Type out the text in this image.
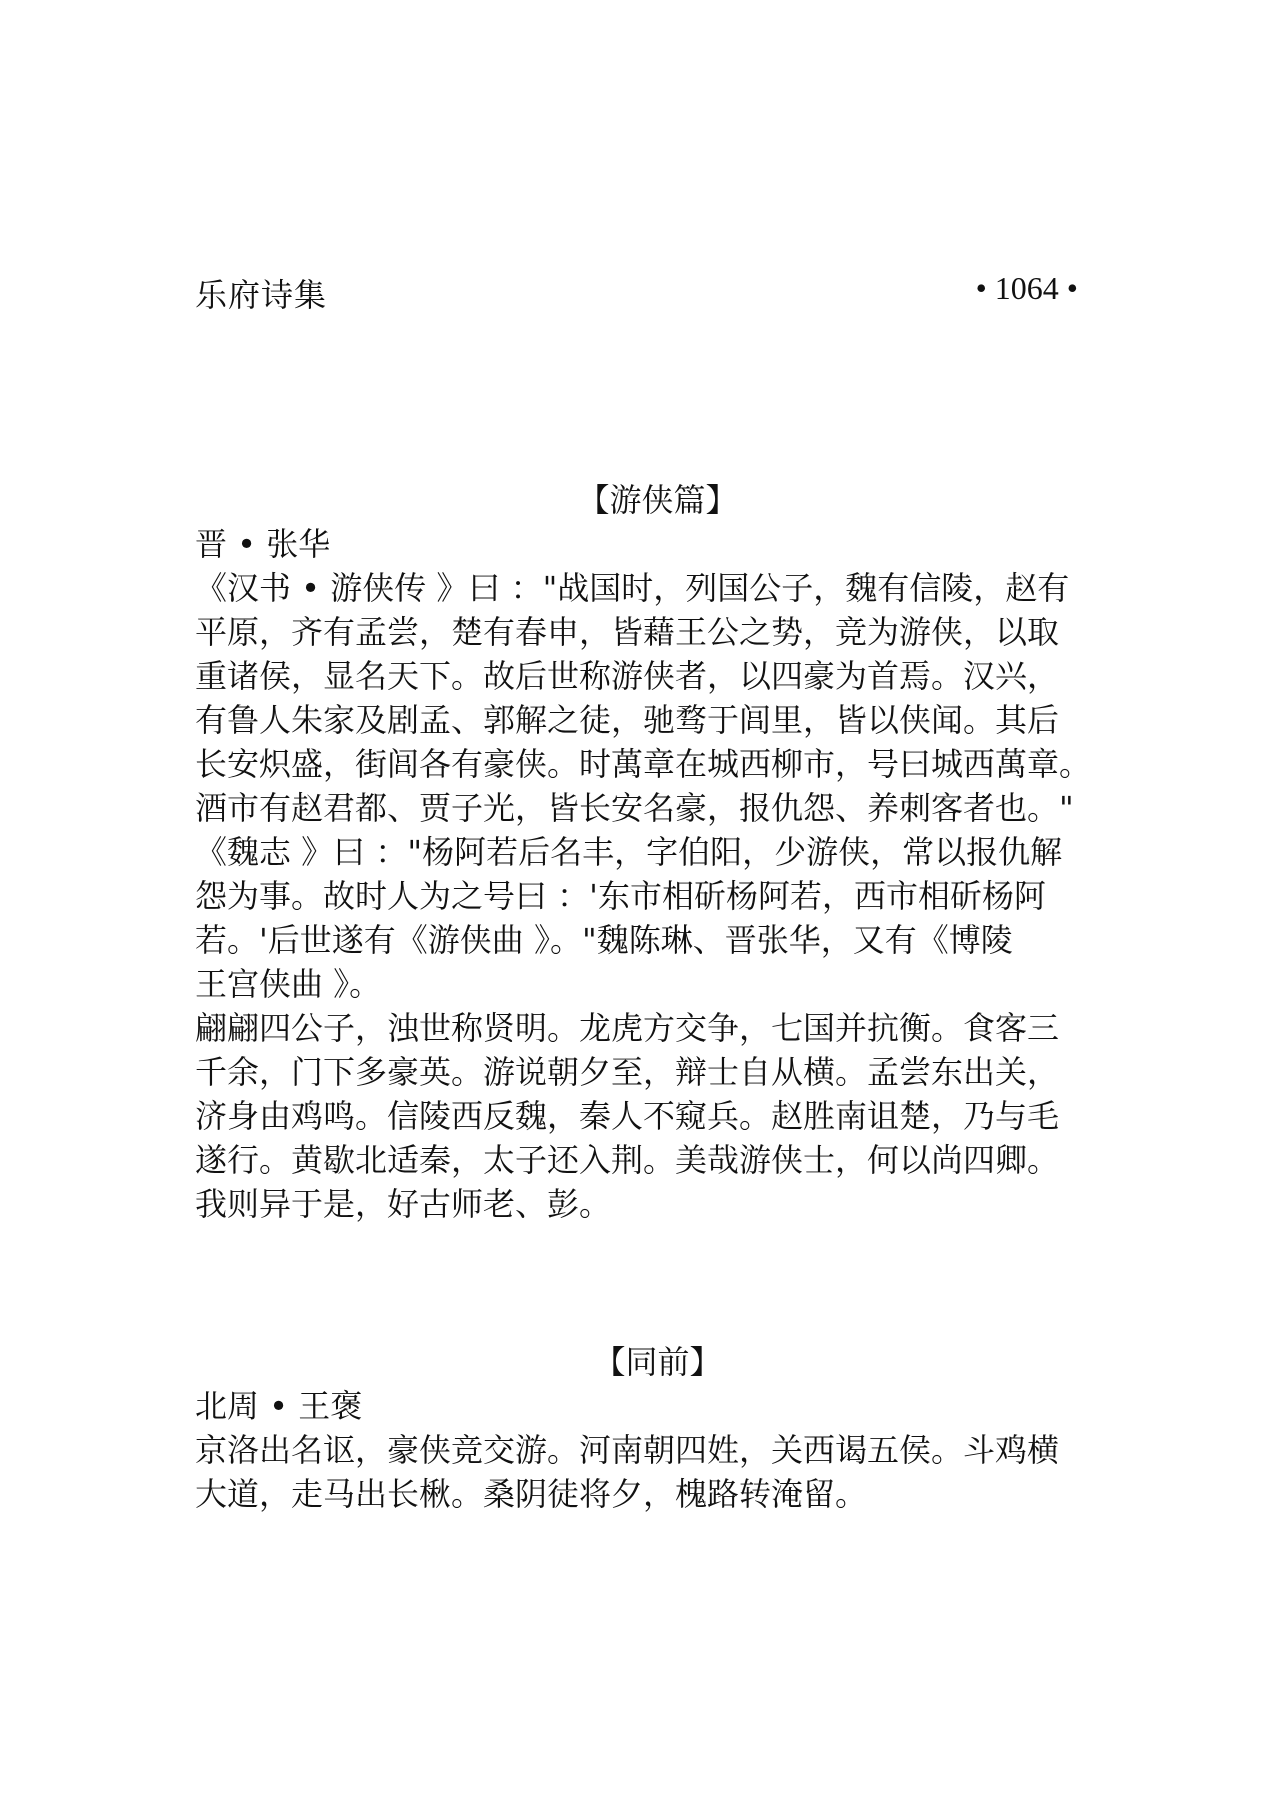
乐府诗集	• 1064 •
【游侠篇】
晋 • 张华
《汉书 • 游侠传 》曰 ："战国时，列国公子，魏有信陵，赵有
平原，齐有孟尝，楚有春申，皆藉王公之势，竞为游侠，以取
重诸侯，显名天下。故后世称游侠者，以四豪为首焉。汉兴，
有鲁人朱家及剧孟、郭解之徒，驰骛于闾里，皆以侠闻。其后
长安炽盛，街闾各有豪侠。时萬章在城西柳市，号曰城西萬章。
酒市有赵君都、贾子光，皆长安名豪，报仇怨、养刺客者也。"
《魏志 》曰 ："杨阿若后名丰，字伯阳，少游侠，常以报仇解
怨为事。故时人为之号曰 ：'东市相斫杨阿若，西市相斫杨阿
若。'后世遂有《游侠曲 》。"魏陈琳、晋张华，又有《博陵
王宫侠曲 》。
翩翩四公子，浊世称贤明。龙虎方交争，七国并抗衡。食客三
千余，门下多豪英。游说朝夕至，辩士自从横。孟尝东出关，
济身由鸡鸣。信陵西反魏，秦人不窥兵。赵胜南诅楚，乃与毛
遂行。黄歇北适秦，太子还入荆。美哉游侠士，何以尚四卿。
我则异于是，好古师老、彭。
【同前】
北周 • 王褒
京洛出名讴，豪侠竞交游。河南朝四姓，关西谒五侯。斗鸡横
大道，走马出长楸。桑阴徒将夕，槐路转淹留。
